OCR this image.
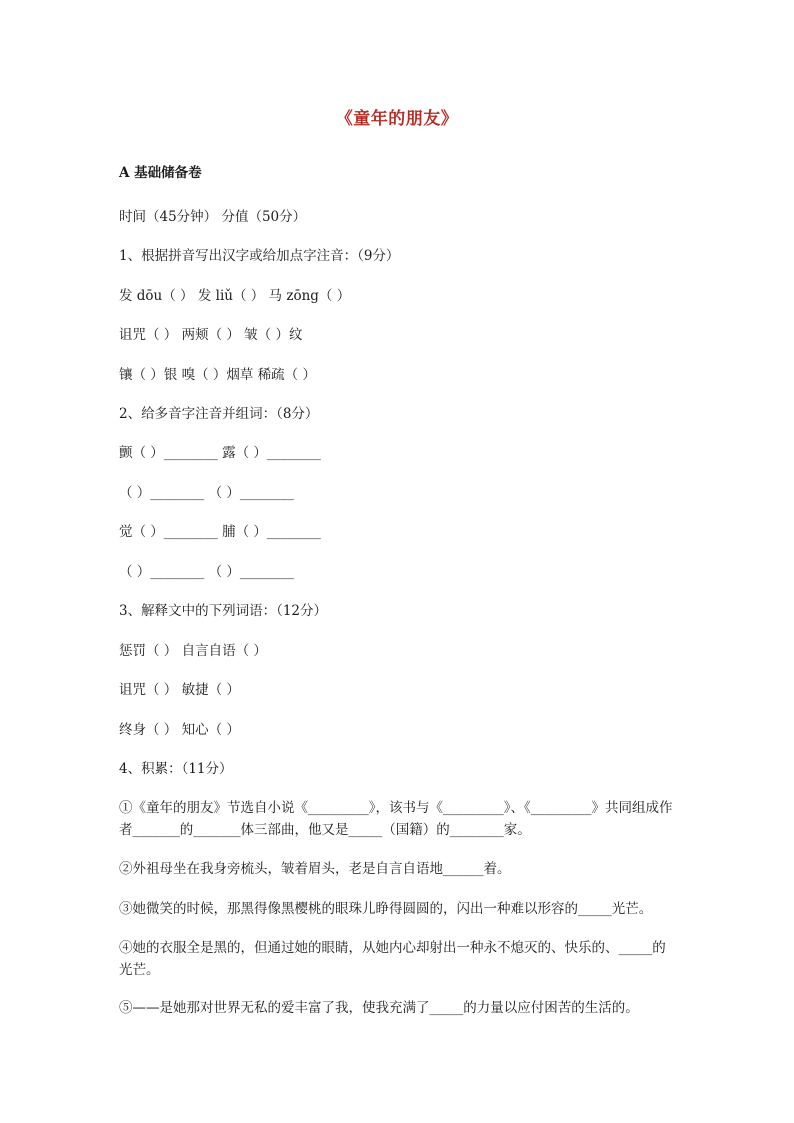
《童年的朋友》
A 基础储备卷
时间（45分钟） 分值（50分）
1、根据拼音写出汉字或给加点字注音：（9分）
发 dōu（ ） 发 liǔ（ ） 马 zōng（ ）
诅咒（ ） 两颊（ ） 皱（ ）纹
镶（ ）银 嗅（ ）烟草 稀疏（ ）
2、给多音字注音并组词：（8分）
颤（ ）________ 露（ ）________
（ ）________ （ ）________
觉（ ）________ 脯（ ）________
（ ）________ （ ）________
3、解释文中的下列词语：（12分）
惩罚（ ） 自言自语（ ）
诅咒（ ） 敏捷（ ）
终身（ ） 知心（ ）
4、积累：（11分）
①《童年的朋友》节选自小说《_________》，该书与《_________》、《_________》共同组成作者_______的_______体三部曲，他又是_____（国籍）的________家。
②外祖母坐在我身旁梳头，皱着眉头，老是自言自语地______着。
③她微笑的时候，那黑得像黑樱桃的眼珠儿睁得圆圆的，闪出一种难以形容的_____光芒。
④她的衣服全是黑的，但通过她的眼睛，从她内心却射出一种永不熄灭的、快乐的、_____的光芒。
⑤——是她那对世界无私的爱丰富了我，使我充满了_____的力量以应付困苦的生活的。
